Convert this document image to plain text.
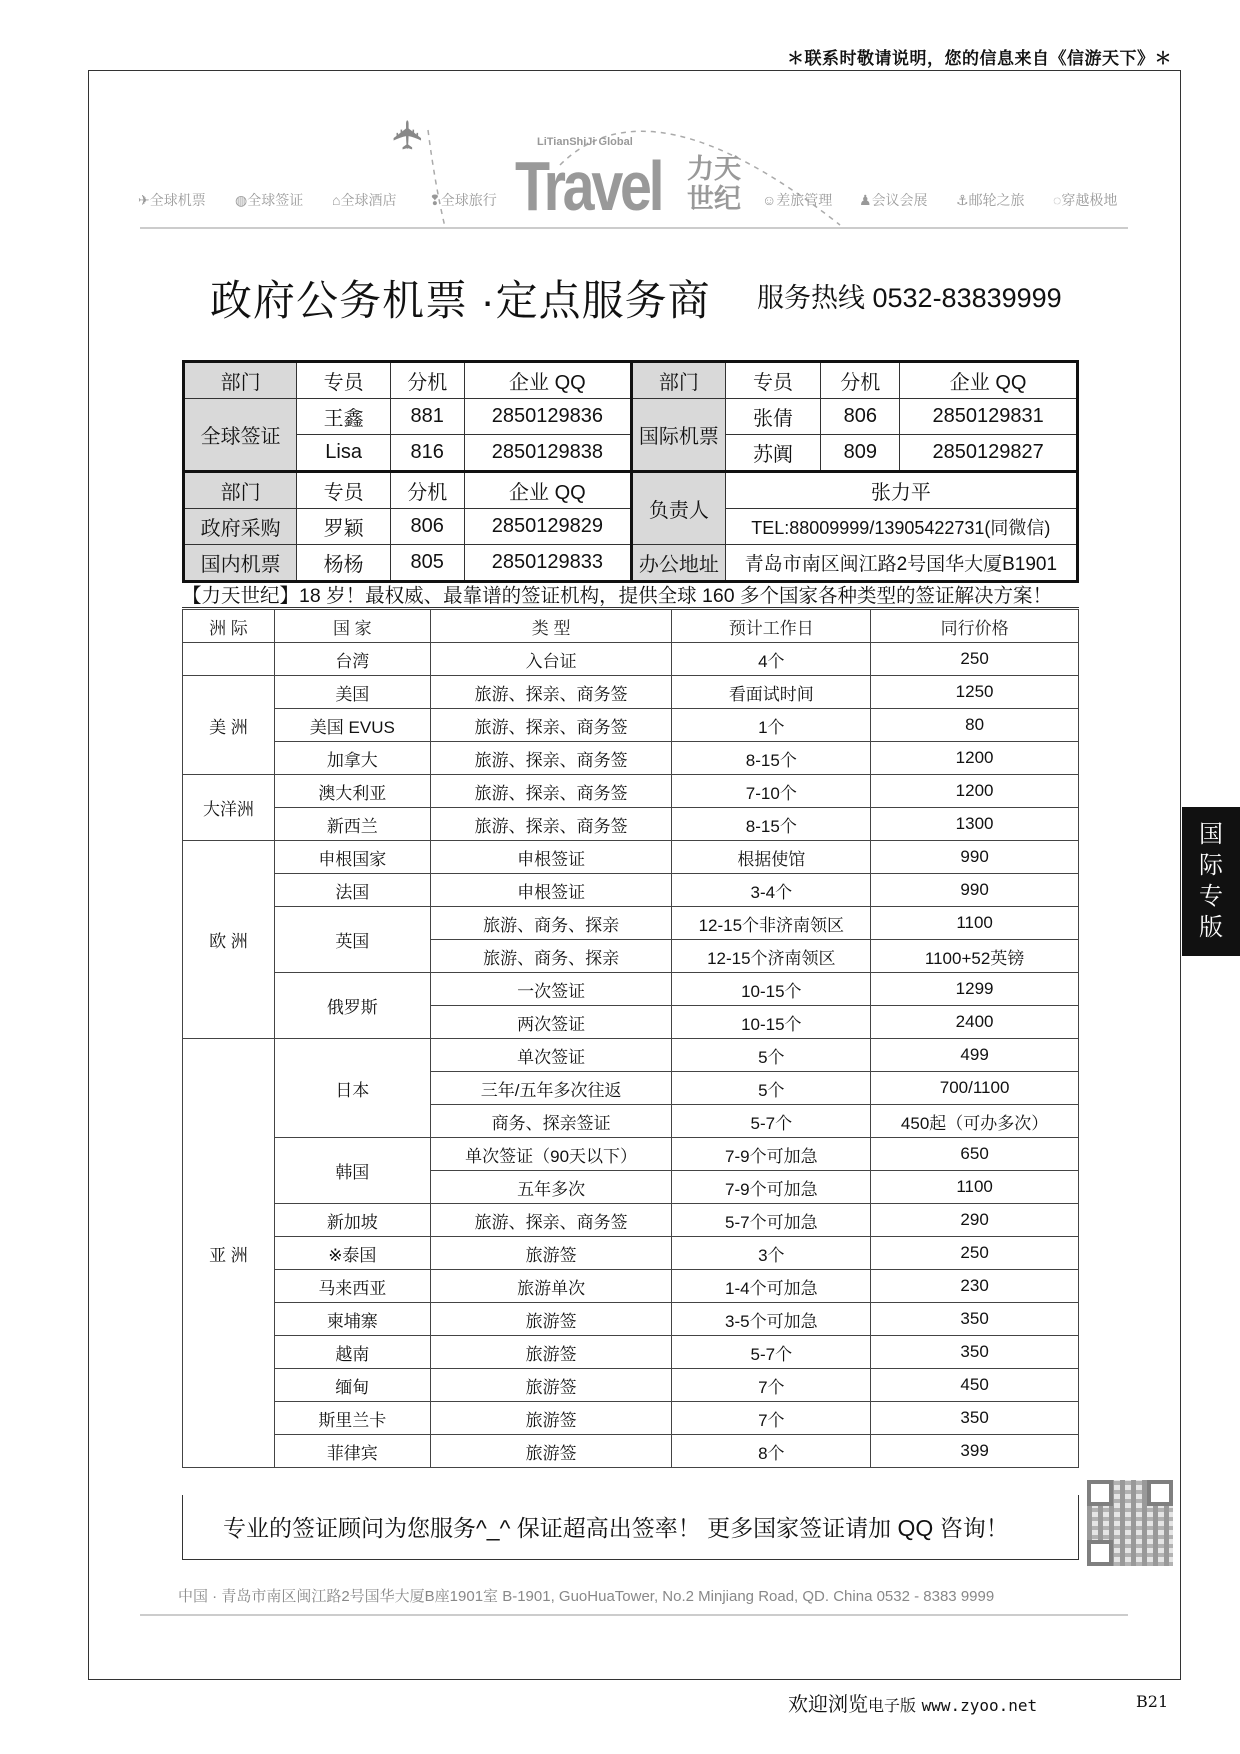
＊联系时敬请说明，您的信息来自《信游天下》＊
✈
✈全球机票 ◍全球签证 ⌂全球酒店 ❢全球旅行	☺差旅管理 ♟会议会展 ⚓邮轮之旅 ◌穿越极地
LiTianShiJi Global
Travel 力天世纪
政府公务机票 ·定点服务商 服务热线 0532-83839999
部门	专员	分机	企业 QQ	部门	专员	分机	企业 QQ
全球签证	王鑫	881	2850129836	国际机票	张倩	806	2850129831
	Lisa	816	2850129838		苏阗	809	2850129827
部门	专员	分机	企业 QQ	负责人	张力平		
政府采购	罗颖	806	2850129829		TEL:88009999/13905422731(同微信)		
国内机票	杨杨	805	2850129833	办公地址	青岛市南区闽江路2号国华大厦B1901		
【力天世纪】18 岁！最权威、最靠谱的签证机构，提供全球 160 多个国家各种类型的签证解决方案！
洲 际	国 家	类 型	预计工作日	同行价格
	台湾	入台证	4个	250
美 洲	美国	旅游、探亲、商务签	看面试时间	1250
	美国 EVUS	旅游、探亲、商务签	1个	80
	加拿大	旅游、探亲、商务签	8-15个	1200
大洋洲	澳大利亚	旅游、探亲、商务签	7-10个	1200
	新西兰	旅游、探亲、商务签	8-15个	1300
欧 洲	申根国家	申根签证	根据使馆	990
	法国	申根签证	3-4个	990
	英国	旅游、商务、探亲	12-15个非济南领区	1100
		旅游、商务、探亲	12-15个济南领区	1100+52英镑
	俄罗斯	一次签证	10-15个	1299
		两次签证	10-15个	2400
亚 洲	日本	单次签证	5个	499
		三年/五年多次往返	5个	700/1100
		商务、探亲签证	5-7个	450起（可办多次）
	韩国	单次签证（90天以下）	7-9个可加急	650
		五年多次	7-9个可加急	1100
	新加坡	旅游、探亲、商务签	5-7个可加急	290
	※泰国	旅游签	3个	250
	马来西亚	旅游单次	1-4个可加急	230
	柬埔寨	旅游签	3-5个可加急	350
	越南	旅游签	5-7个	350
	缅甸	旅游签	7个	450
	斯里兰卡	旅游签	7个	350
	菲律宾	旅游签	8个	399
专业的签证顾问为您服务^_^ 保证超高出签率！ 更多国家签证请加 QQ 咨询！
中国 · 青岛市南区闽江路2号国华大厦B座1901室 B-1901, GuoHuaTower, No.2 Minjiang Road, QD. China 0532 - 8383 9999
国际专版
欢迎浏览电子版 www.zyoo.net	B21
